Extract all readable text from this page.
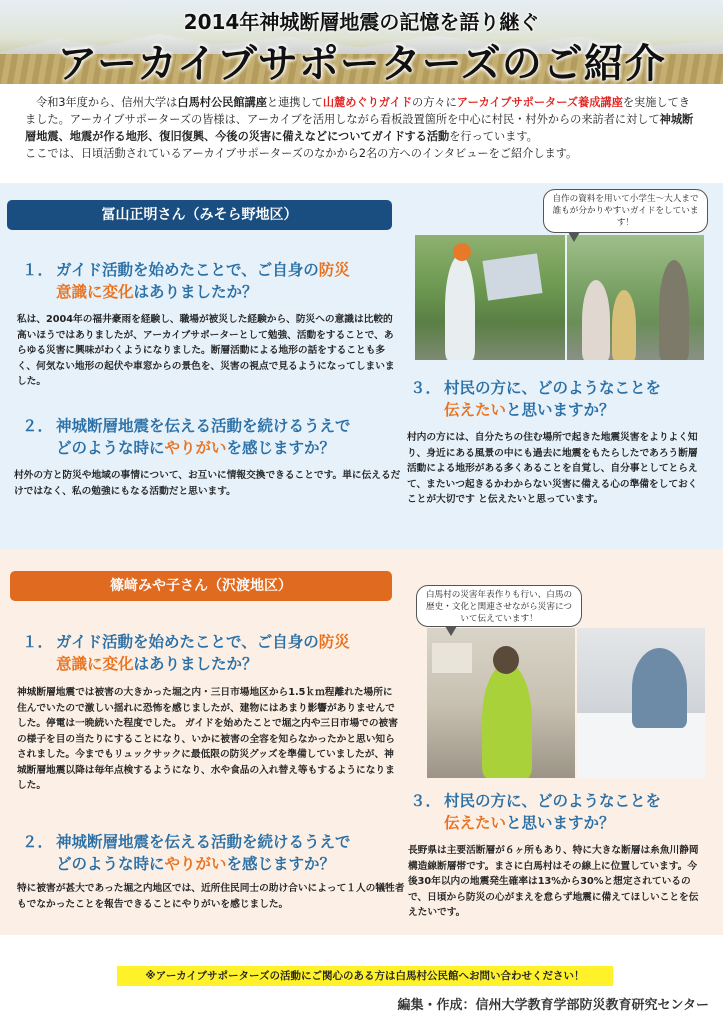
2014年神城断層地震の記憶を語り継ぐ
アーカイブサポーターズのご紹介
令和3年度から、信州大学は白馬村公民館講座と連携して山麓めぐりガイドの方々にアーカイブサポーターズ養成講座を実施してきました。アーカイブサポーターズの皆様は、アーカイブを活用しながら看板設置箇所を中心に村民・村外からの来訪者に対して神城断層地震、地震が作る地形、復旧復興、今後の災害に備えなどについてガイドする活動を行っています。
ここでは、日頃活動されているアーカイブサポーターズのなかから2名の方へのインタビューをご紹介します。
冨山正明さん（みそら野地区）
１． ガイド活動を始めたことで、ご自身の防災
意識に変化はありましたか？
私は、2004年の福井豪雨を経験し、職場が被災した経験から、防災への意識は比較的高いほうではありましたが、アーカイブサポーターとして勉強、活動をすることで、あらゆる災害に興味がわくようになりました。断層活動による地形の話をすることも多く、何気ない地形の起伏や車窓からの景色を、災害の視点で見るようになってしまいました。
２． 神城断層地震を伝える活動を続けるうえで
どのような時にやりがいを感じますか？
村外の方と防災や地域の事情について、お互いに情報交換できることです。単に伝えるだけではなく、私の勉強にもなる活動だと思います。
自作の資料を用いて小学生～大人まで誰もが分かりやすいガイドをしています！
３． 村民の方に、どのようなことを
伝えたいと思いますか？
村内の方には、自分たちの住む場所で起きた地震災害をよりよく知り、身近にある風景の中にも過去に地震をもたらしたであろう断層活動による地形がある多くあることを自覚し、自分事としてとらえて、またいつ起きるかわからない災害に備える心の準備をしておくことが大切です と伝えたいと思っています。
篠﨑みや子さん（沢渡地区）
１． ガイド活動を始めたことで、ご自身の防災
意識に変化はありましたか？
神城断層地震では被害の大きかった堀之内・三日市場地区から1.5ｋｍ程離れた場所に住んでいたので激しい揺れに恐怖を感じましたが、建物にはあまり影響がありませんでした。停電は一晩続いた程度でした。 ガイドを始めたことで堀之内や三日市場での被害の様子を目の当たりにすることになり、いかに被害の全容を知らなかったかと思い知らされました。今までもリュックサックに最低限の防災グッズを準備していましたが、神城断層地震以降は毎年点検するようになり、水や食品の入れ替え等もするようになりました。
２． 神城断層地震を伝える活動を続けるうえで
どのような時にやりがいを感じますか？
特に被害が甚大であった堀之内地区では、近所住民同士の助け合いによって１人の犠牲者もでなかったことを報告できることにやりがいを感じました。
白馬村の災害年表作りも行い、白馬の歴史・文化と関連させながら災害について伝えています！
３． 村民の方に、どのようなことを
伝えたいと思いますか？
長野県は主要活断層が６ヶ所もあり、特に大きな断層は糸魚川静岡構造線断層帯です。まさに白馬村はその線上に位置しています。今後30年以内の地震発生確率は13%から30%と想定されているので、日頃から防災の心がまえを怠らず地震に備えてほしいことを伝えたいです。
※アーカイブサポーターズの活動にご関心のある方は白馬村公民館へお問い合わせください！
編集・作成：信州大学教育学部防災教育研究センター
